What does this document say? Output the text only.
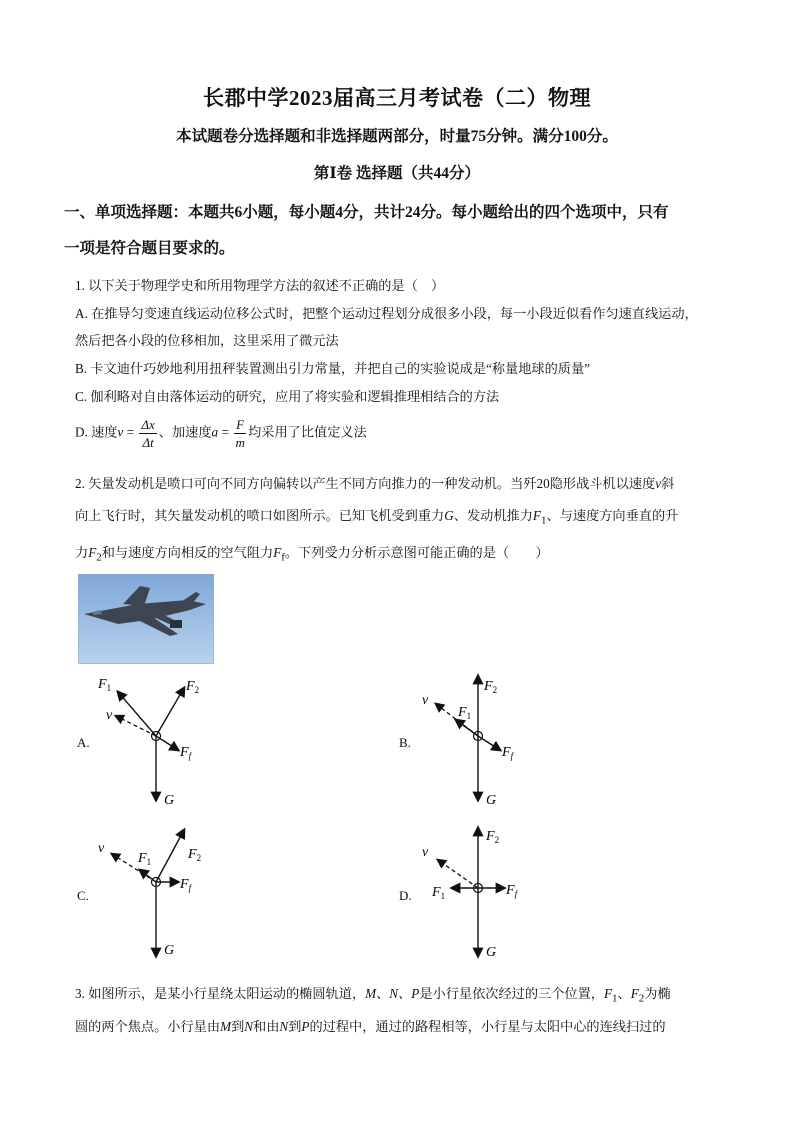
长郡中学2023届高三月考试卷（二）物理
本试题卷分选择题和非选择题两部分，时量75分钟。满分100分。
第Ⅰ卷 选择题（共44分）
一、单项选择题：本题共6小题，每小题4分，共计24分。每小题给出的四个选项中，只有
一项是符合题目要求的。
1. 以下关于物理学史和所用物理学方法的叙述不正确的是（　）
A. 在推导匀变速直线运动位移公式时，把整个运动过程划分成很多小段，每一小段近似看作匀速直线运动，
然后把各小段的位移相加，这里采用了微元法
B. 卡文迪什巧妙地利用扭秤装置测出引力常量，并把自己的实验说成是“称量地球的质量”
C. 伽利略对自由落体运动的研究，应用了将实验和逻辑推理相结合的方法
D. 速度$v = \frac{\Delta x}{\Delta t}$ 、加速度$a = \frac{F}{m}$ 均采用了比值定义法
2. 矢量发动机是喷口可向不同方向偏转以产生不同方向推力的一种发动机。当歼20隐形战斗机以速度v斜
向上飞行时，其矢量发动机的喷口如图所示。已知飞机受到重力G、发动机推力$F_1$、与速度方向垂直的升
力$F_2$和与速度方向相反的空气阻力$F_f$。下列受力分析示意图可能正确的是（　　）
A.	B.
C.	D.
$F_1$	$F_2$
v
$F_f$
G
$F_2$
$F_1$
v
$F_f$
G
v
$F_1$	$F_2$
$F_f$
G
v
$F_2$
$F_1$	$F_f$
G
3. 如图所示，是某小行星绕太阳运动的椭圆轨道，M、N、P是小行星依次经过的三个位置，$F_1$、$F_2$为椭
圆的两个焦点。小行星由M到N和由N到P的过程中，通过的路程相等，小行星与太阳中心的连线扫过的
